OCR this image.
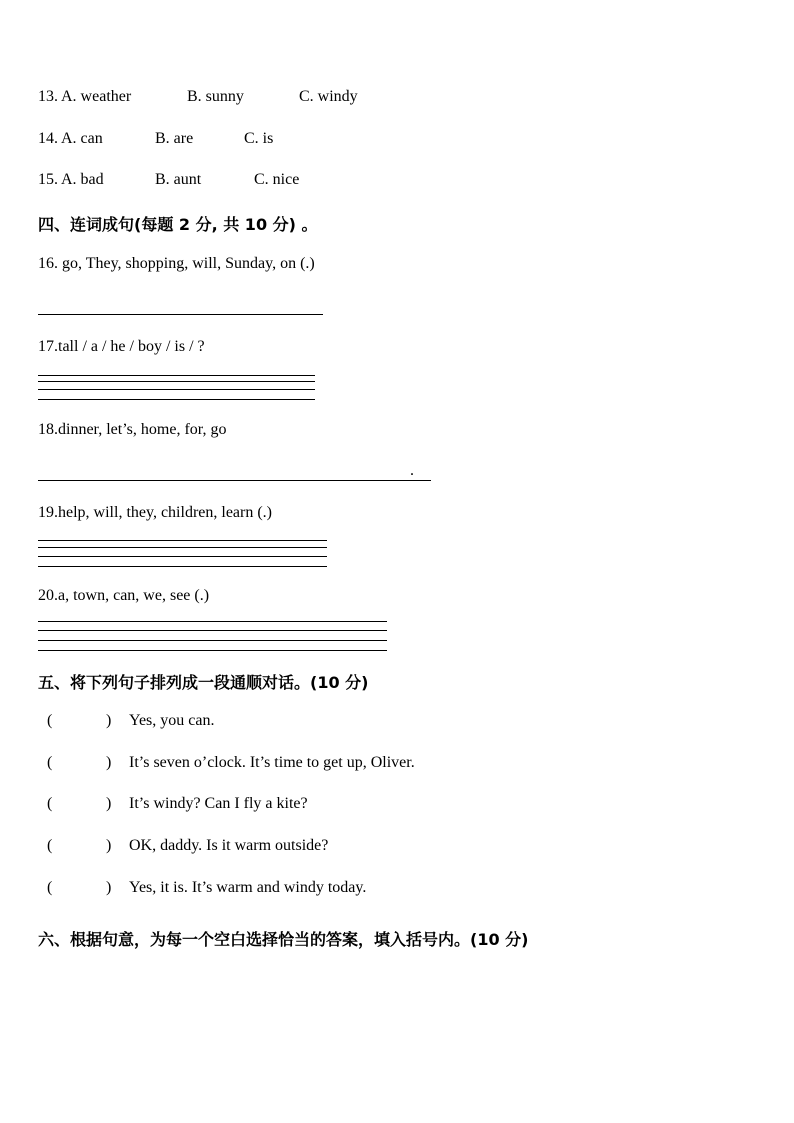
13. A. weather	B. sunny	C. windy
14. A. can	B. are	C. is
15. A. bad	B. aunt	C. nice
四、连词成句(每题 2 分, 共 10 分) 。
16. go, They, shopping, will, Sunday, on (.)
17.tall / a / he / boy / is / ?
18.dinner, let’s, home, for, go
.
19.help, will, they, children, learn (.)
20.a, town, can, we, see (.)
五、将下列句子排列成一段通顺对话。(10 分)
(	) Yes, you can.
(	) It’s seven o’clock. It’s time to get up, Oliver.
(	) It’s windy? Can I fly a kite?
(	) OK, daddy. Is it warm outside?
(	) Yes, it is. It’s warm and windy today.
六、根据句意，为每一个空白选择恰当的答案，填入括号内。(10 分)
